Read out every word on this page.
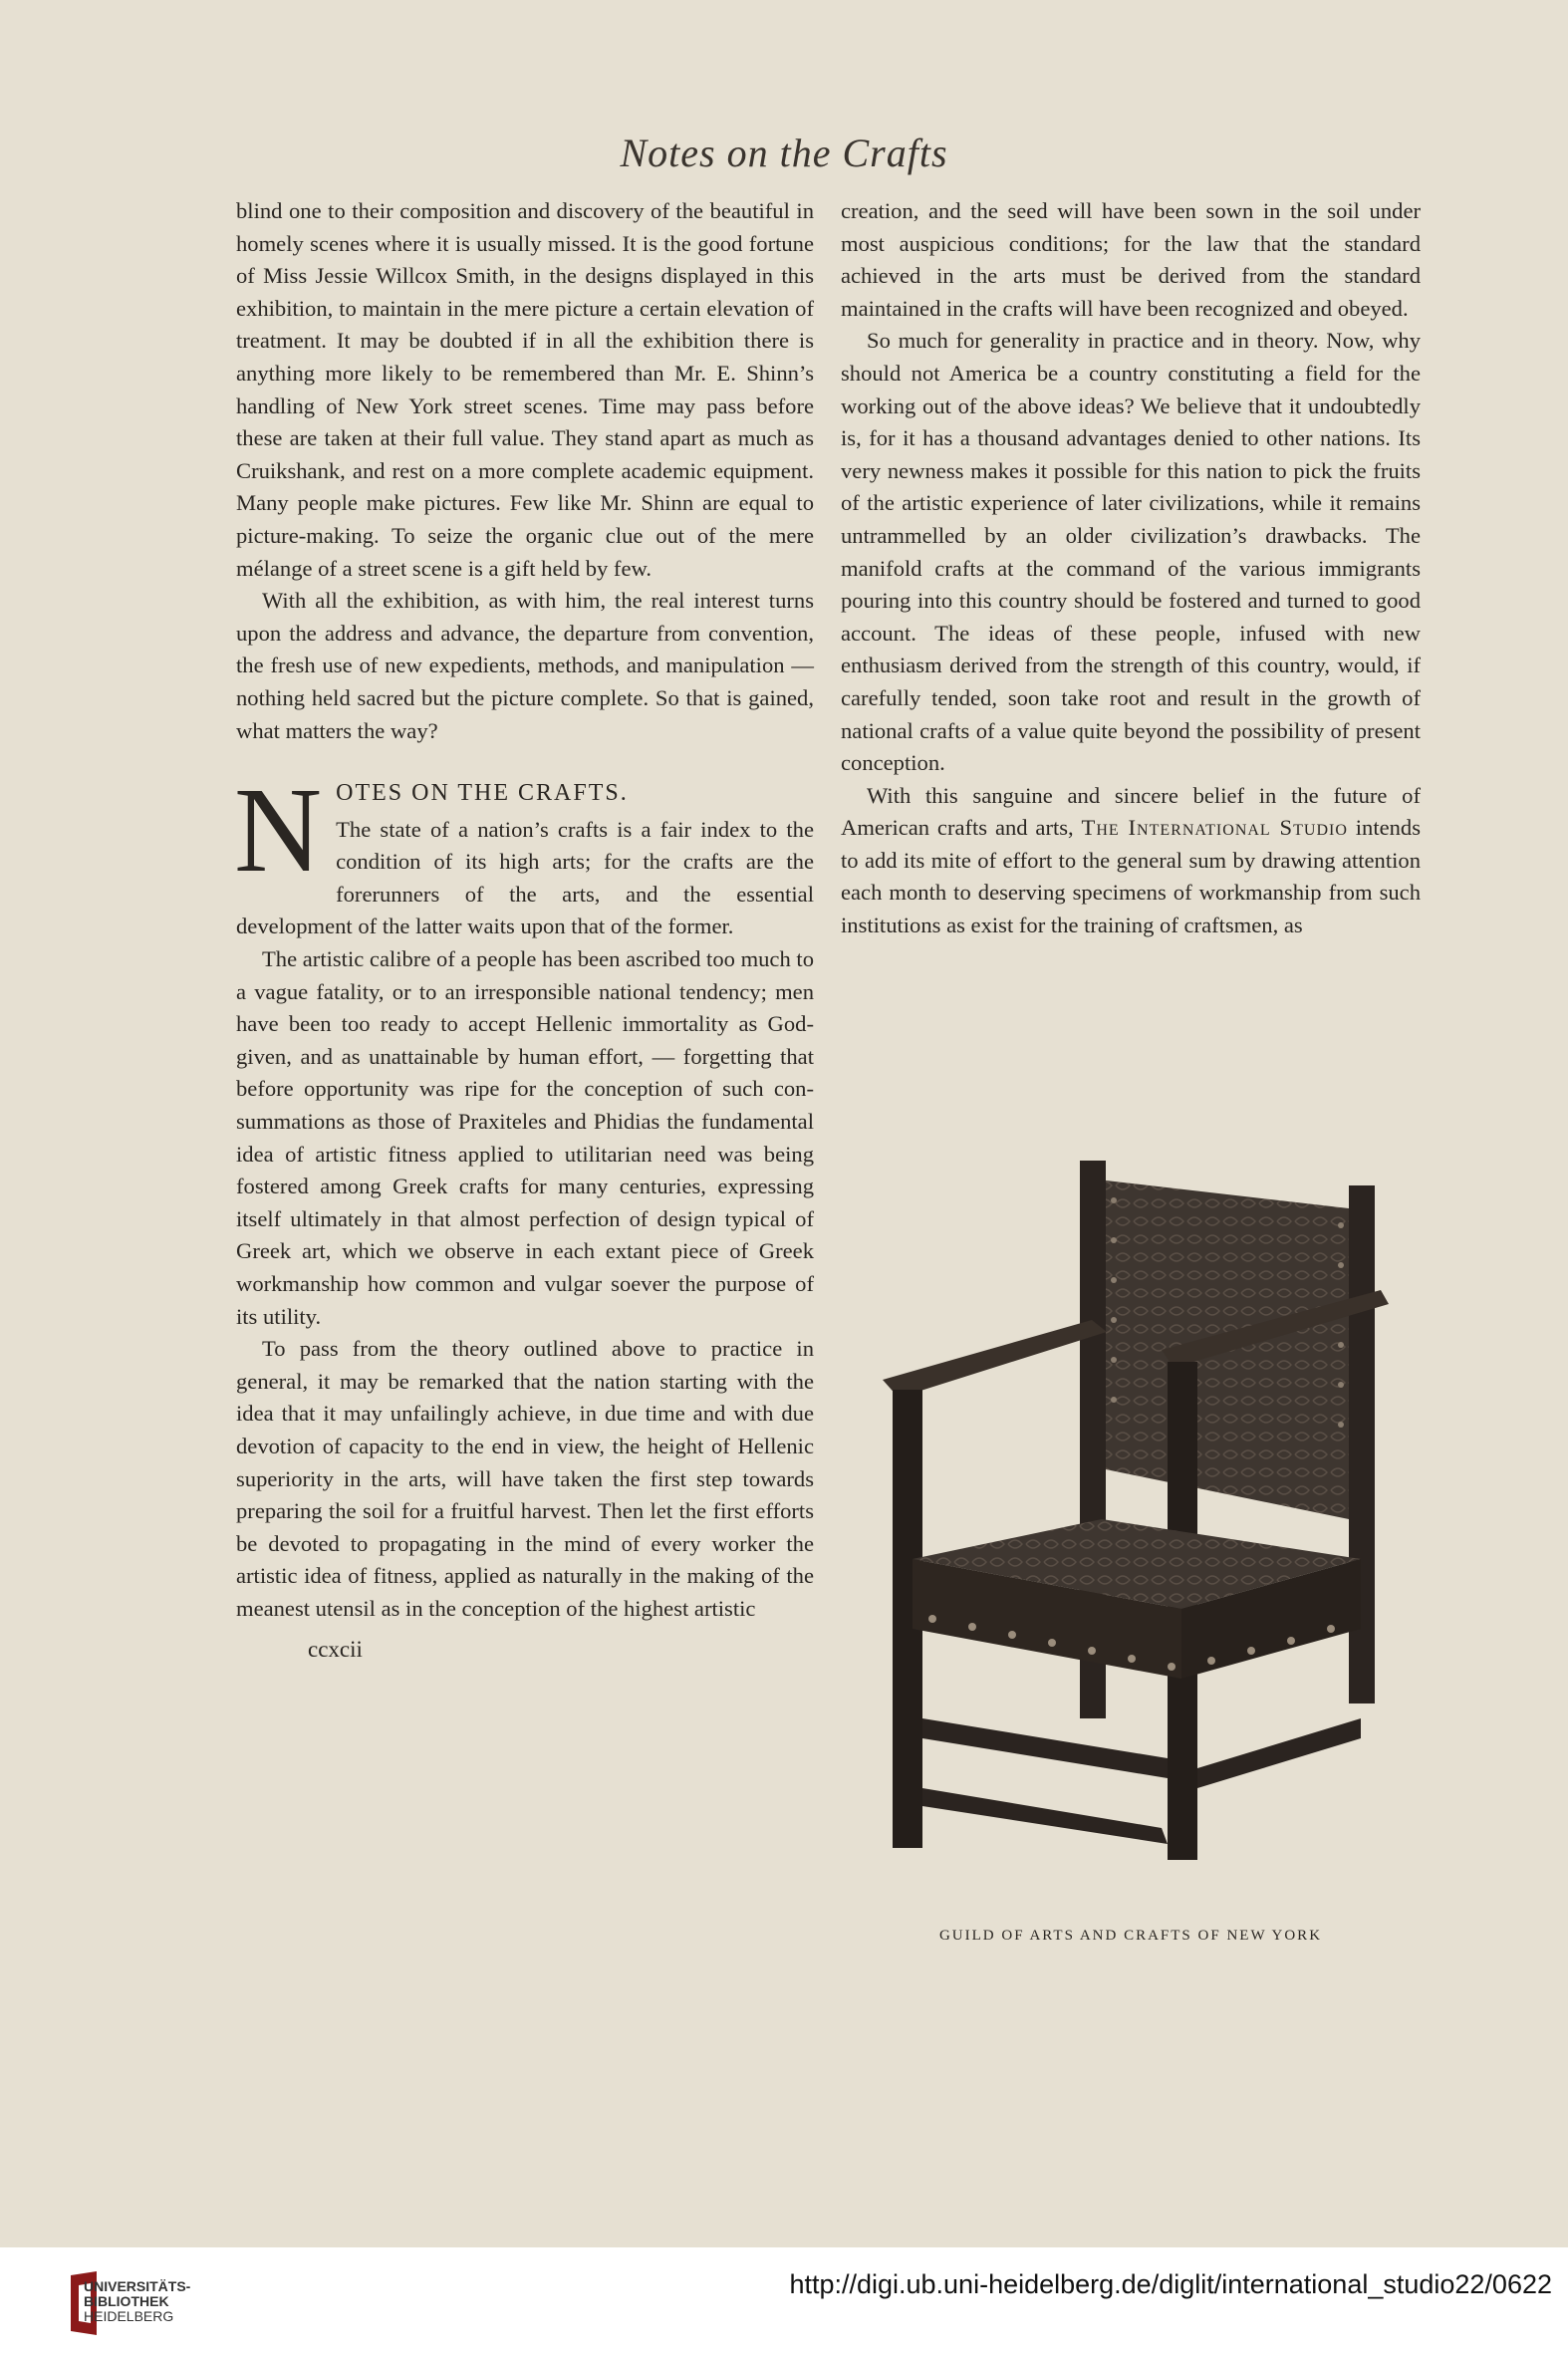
Notes on the Crafts

blind one to their composition and discovery of the beautiful in homely scenes where it is usually missed. It is the good fortune of Miss Jessie Willcox Smith, in the designs displayed in this exhibition, to maintain in the mere picture a certain elevation of treatment. It may be doubted if in all the exhibition there is anything more likely to be remembered than Mr. E. Shinn’s handling of New York street scenes. Time may pass before these are taken at their full value. They stand apart as much as Cruikshank, and rest on a more complete academic equipment. Many people make pictures. Few like Mr. Shinn are equal to picture-making. To seize the organic clue out of the mere mélange of a street scene is a gift held by few.

With all the exhibition, as with him, the real interest turns upon the address and advance, the departure from convention, the fresh use of new expedients, methods, and manipulation — nothing held sacred but the picture complete. So that is gained, what matters the way?

N OTES ON THE CRAFTS.

The state of a nation’s crafts is a fair index to the condition of its high arts; for the crafts are the forerunners of the arts, and the essential development of the latter waits upon that of the former.

The artistic calibre of a people has been ascribed too much to a vague fatality, or to an irresponsible national tendency; men have been too ready to accept Hellenic immortality as God-given, and as unattainable by human effort, — forgetting that before opportunity was ripe for the conception of such consummations as those of Praxiteles and Phidias the fundamental idea of artistic fitness applied to utilitarian need was being fostered among Greek crafts for many centuries, expressing itself ultimately in that almost perfection of design typical of Greek art, which we observe in each extant piece of Greek workmanship how common and vulgar soever the purpose of its utility.

To pass from the theory outlined above to practice in general, it may be remarked that the nation starting with the idea that it may unfailingly achieve, in due time and with due devotion of capacity to the end in view, the height of Hellenic superiority in the arts, will have taken the first step towards preparing the soil for a fruitful harvest. Then let the first efforts be devoted to propagating in the mind of every worker the artistic idea of fitness, applied as naturally in the making of the meanest utensil as in the conception of the highest artistic

ccxcii

creation, and the seed will have been sown in the soil under most auspicious conditions; for the law that the standard achieved in the arts must be derived from the standard maintained in the crafts will have been recognized and obeyed.

So much for generality in practice and in theory. Now, why should not America be a country constituting a field for the working out of the above ideas? We believe that it undoubtedly is, for it has a thousand advantages denied to other nations. Its very newness makes it possible for this nation to pick the fruits of the artistic experience of later civilizations, while it remains untrammelled by an older civilization’s drawbacks. The manifold crafts at the command of the various immigrants pouring into this country should be fostered and turned to good account. The ideas of these people, infused with new enthusiasm derived from the strength of this country, would, if carefully tended, soon take root and result in the growth of national crafts of a value quite beyond the possibility of present conception.

With this sanguine and sincere belief in the future of American crafts and arts, The International Studio intends to add its mite of effort to the general sum by drawing attention each month to deserving specimens of workmanship from such institutions as exist for the training of craftsmen, as

GUILD OF ARTS AND CRAFTS OF NEW YORK
UNIVERSITÄTS-
BIBLIOTHEK
HEIDELBERG
http://digi.ub.uni-heidelberg.de/diglit/international_studio22/0622
